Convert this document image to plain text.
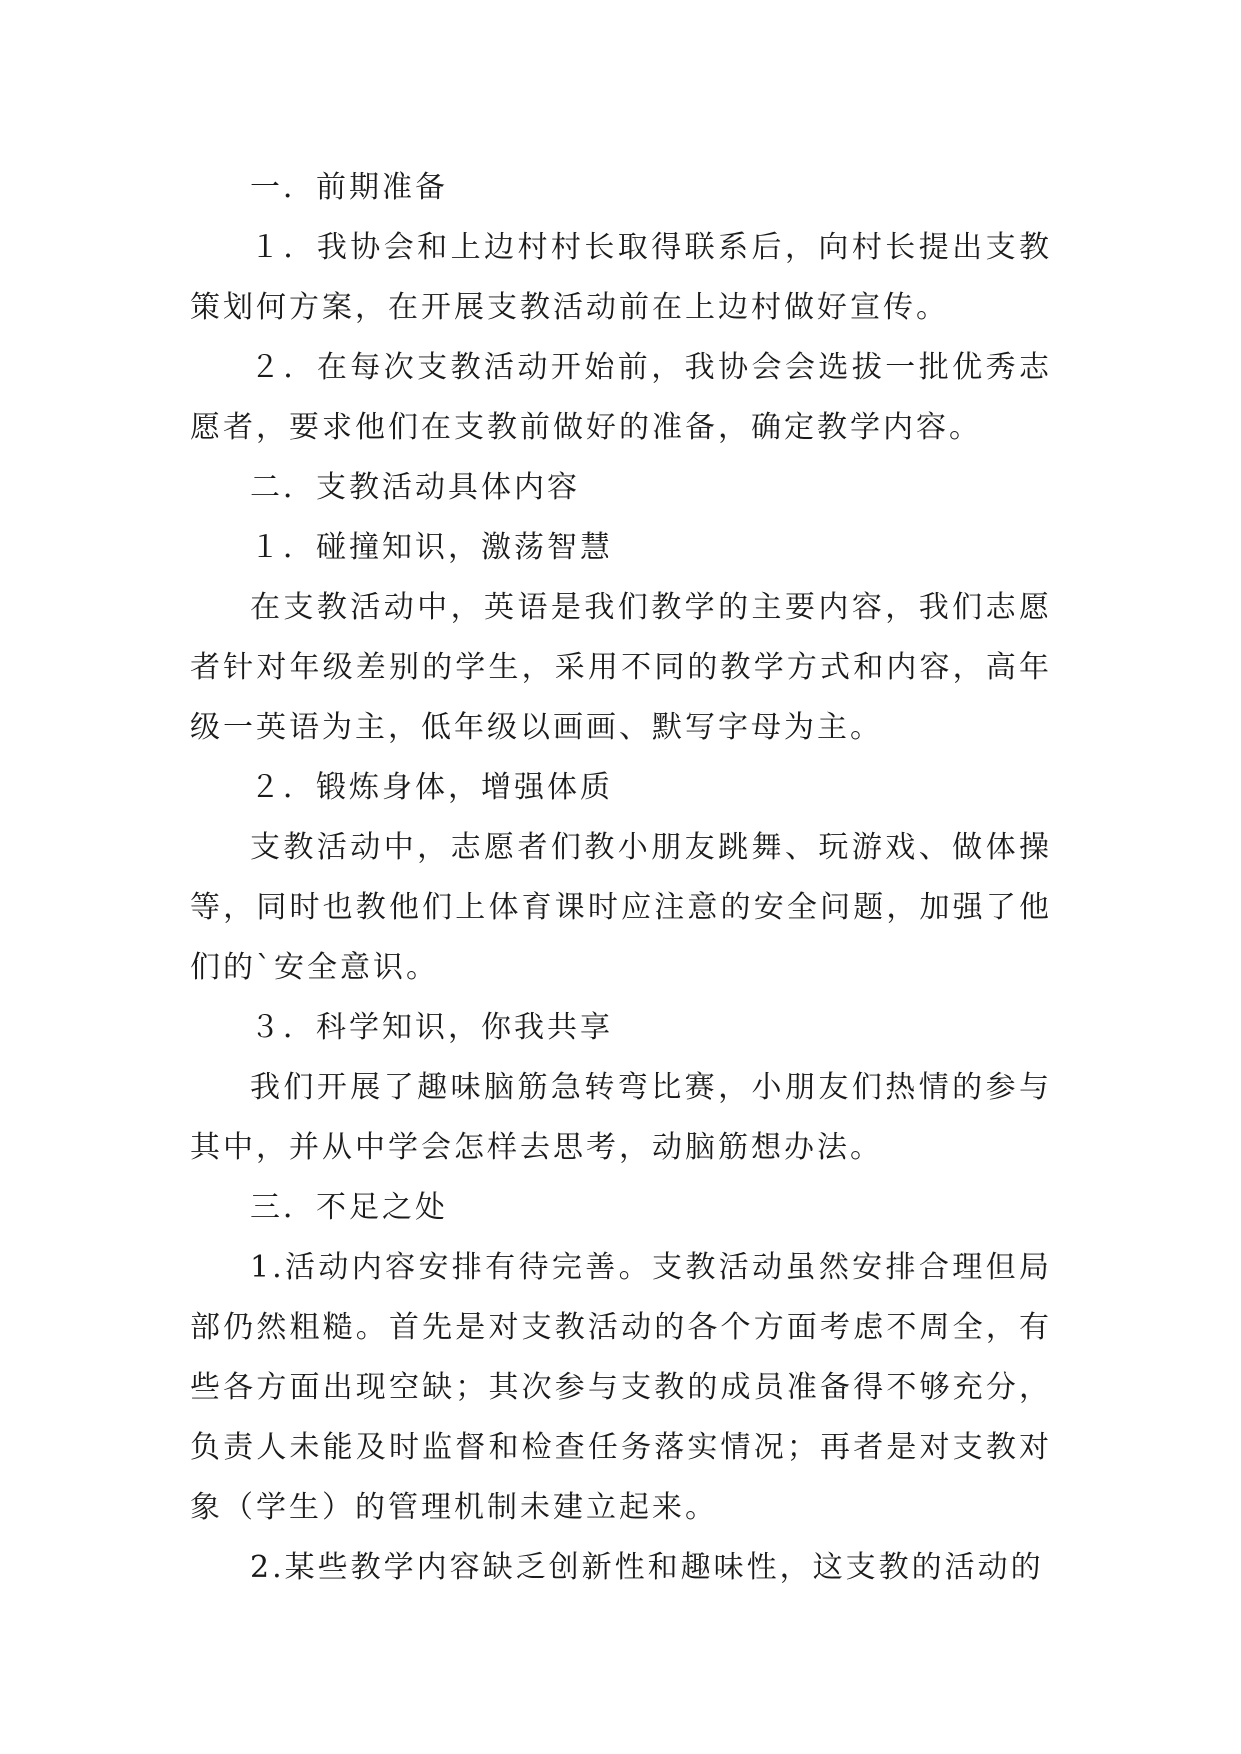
一．前期准备

１．我协会和上边村村长取得联系后，向村长提出支教策划何方案，在开展支教活动前在上边村做好宣传。

２．在每次支教活动开始前，我协会会选拔一批优秀志愿者，要求他们在支教前做好的准备，确定教学内容。

二．支教活动具体内容

１．碰撞知识，激荡智慧

在支教活动中，英语是我们教学的主要内容，我们志愿者针对年级差别的学生，采用不同的教学方式和内容，高年级一英语为主，低年级以画画、默写字母为主。

２．锻炼身体，增强体质

支教活动中，志愿者们教小朋友跳舞、玩游戏、做体操等，同时也教他们上体育课时应注意的安全问题，加强了他们的`安全意识。

３．科学知识，你我共享

我们开展了趣味脑筋急转弯比赛，小朋友们热情的参与其中，并从中学会怎样去思考，动脑筋想办法。

三．不足之处

1.活动内容安排有待完善。支教活动虽然安排合理但局部仍然粗糙。首先是对支教活动的各个方面考虑不周全，有些各方面出现空缺；其次参与支教的成员准备得不够充分，负责人未能及时监督和检查任务落实情况；再者是对支教对象（学生）的管理机制未建立起来。

2.某些教学内容缺乏创新性和趣味性，这支教的活动的
